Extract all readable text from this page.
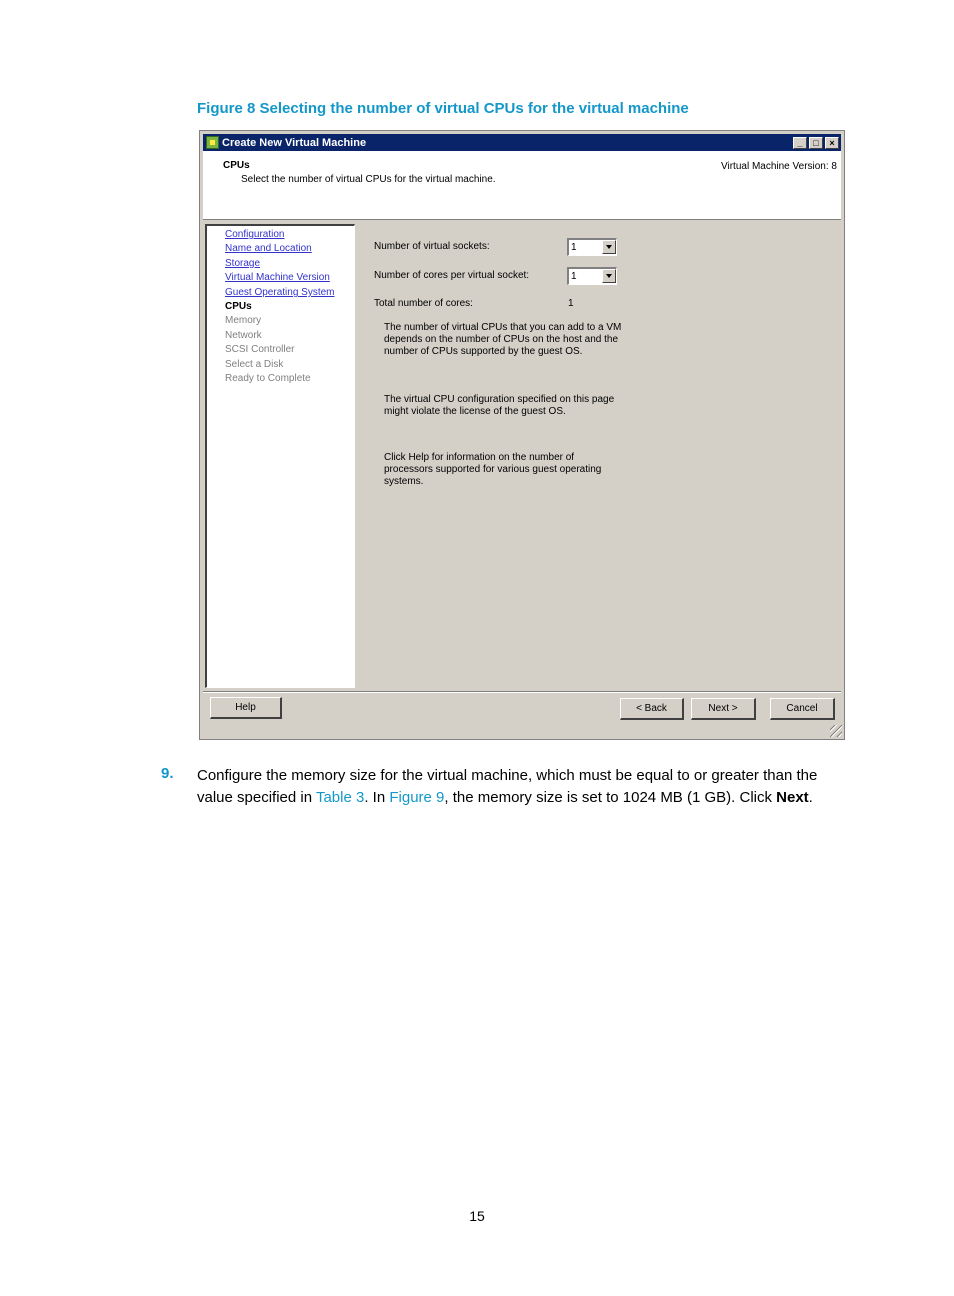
Figure 8 Selecting the number of virtual CPUs for the virtual machine
Create New Virtual Machine	_	□	×
CPUs
Select the number of virtual CPUs for the virtual machine.
Virtual Machine Version: 8
Configuration
Name and Location
Storage
Virtual Machine Version
Guest Operating System
CPUs
Memory
Network
SCSI Controller
Select a Disk
Ready to Complete
Number of virtual sockets:	1
Number of cores per virtual socket:	1
Total number of cores:	1
The number of virtual CPUs that you can add to a VM depends on the number of CPUs on the host and the number of CPUs supported by the guest OS.
The virtual CPU configuration specified on this page might violate the license of the guest OS.
Click Help for information on the number of processors supported for various guest operating systems.
Help	< Back	Next >	Cancel
9. Configure the memory size for the virtual machine, which must be equal to or greater than the value specified in Table 3. In Figure 9, the memory size is set to 1024 MB (1 GB). Click Next.
15
